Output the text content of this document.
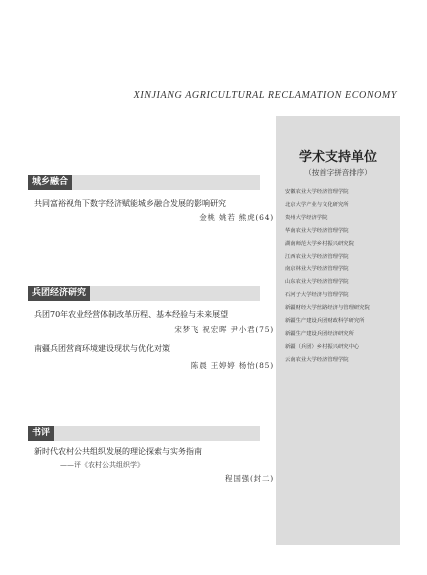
XINJIANG AGRICULTURAL RECLAMATION ECONOMY
学术支持单位
（按首字拼音排序）
安徽农业大学经济管理学院
北京大学产业与文化研究所
贵州大学经济学院
华南农业大学经济管理学院
湖南师范大学乡村振兴研究院
江西农业大学经济管理学院
南京林业大学经济管理学院
山东农业大学经济管理学院
石河子大学经济与管理学院
新疆财经大学丝路经济与管理研究院
新疆生产建设兵团财政科学研究所
新疆生产建设兵团经济研究所
新疆（兵团）乡村振兴研究中心
云南农业大学经济管理学院
城乡融合
共同富裕视角下数字经济赋能城乡融合发展的影响研究
金桃 姚若 熊虎(64)
兵团经济研究
兵团70年农业经营体制改革历程、基本经验与未来展望
宋梦飞 祝宏晖 尹小君(75)
南疆兵团营商环境建设现状与优化对策
陈晨 王婷婷 杨怡(85)
书评
新时代农村公共组织发展的理论探索与实务指南
——评《农村公共组织学》
程国强(封二)
